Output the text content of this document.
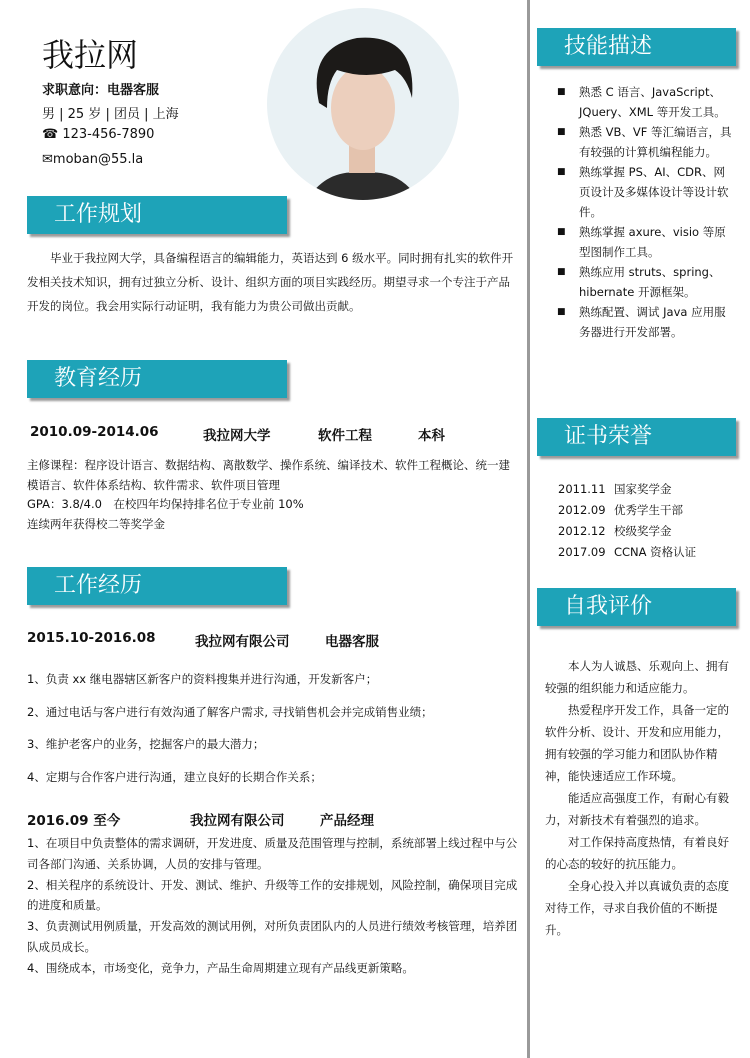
我拉网
求职意向：电器客服
男 | 25 岁 | 团员 | 上海
☎ 123-456-7890
✉moban@55.la
工作规划
毕业于我拉网大学，具备编程语言的编辑能力，英语达到 6 级水平。同时拥有扎实的软件开发相关技术知识，拥有过独立分析、设计、组织方面的项目实践经历。期望寻求一个专注于产品开发的岗位。我会用实际行动证明，我有能力为贵公司做出贡献。
教育经历
2010.09-2014.06	我拉网大学	软件工程	本科
主修课程：程序设计语言、数据结构、离散数学、操作系统、编译技术、软件工程概论、统一建模语言、软件体系结构、软件需求、软件项目管理
GPA：3.8/4.0　在校四年均保持排名位于专业前 10%
连续两年获得校二等奖学金
工作经历
2015.10-2016.08	我拉网有限公司	电器客服
1、负责 xx 继电器辖区新客户的资料搜集并进行沟通，开发新客户；
2、通过电话与客户进行有效沟通了解客户需求, 寻找销售机会并完成销售业绩；
3、维护老客户的业务，挖掘客户的最大潜力；
4、定期与合作客户进行沟通，建立良好的长期合作关系；
2016.09 至今	我拉网有限公司	产品经理
1、在项目中负责整体的需求调研，开发进度、质量及范围管理与控制，系统部署上线过程中与公司各部门沟通、关系协调，人员的安排与管理。
2、相关程序的系统设计、开发、测试、维护、升级等工作的安排规划，风险控制，确保项目完成的进度和质量。
3、负责测试用例质量，开发高效的测试用例，对所负责团队内的人员进行绩效考核管理，培养团队成员成长。
4、围绕成本，市场变化，竞争力，产品生命周期建立现有产品线更新策略。
技能描述
■	熟悉 C 语言、JavaScript、JQuery、XML 等开发工具。
■	熟悉 VB、VF 等汇编语言，具有较强的计算机编程能力。
■	熟练掌握 PS、AI、CDR、网页设计及多媒体设计等设计软件。
■	熟练掌握 axure、visio 等原型图制作工具。
■	熟练应用 struts、spring、hibernate 开源框架。
■	熟练配置、调试 Java 应用服务器进行开发部署。
证书荣誉
2011.11 国家奖学金
2012.09 优秀学生干部
2012.12 校级奖学金
2017.09 CCNA 资格认证
自我评价

本人为人诚恳、乐观向上、拥有较强的组织能力和适应能力。

热爱程序开发工作，具备一定的软件分析、设计、开发和应用能力，拥有较强的学习能力和团队协作精神，能快速适应工作环境。

能适应高强度工作，有耐心有毅力，对新技术有着强烈的追求。

对工作保持高度热情，有着良好的心态的较好的抗压能力。

全身心投入并以真诚负责的态度对待工作，寻求自我价值的不断提升。
